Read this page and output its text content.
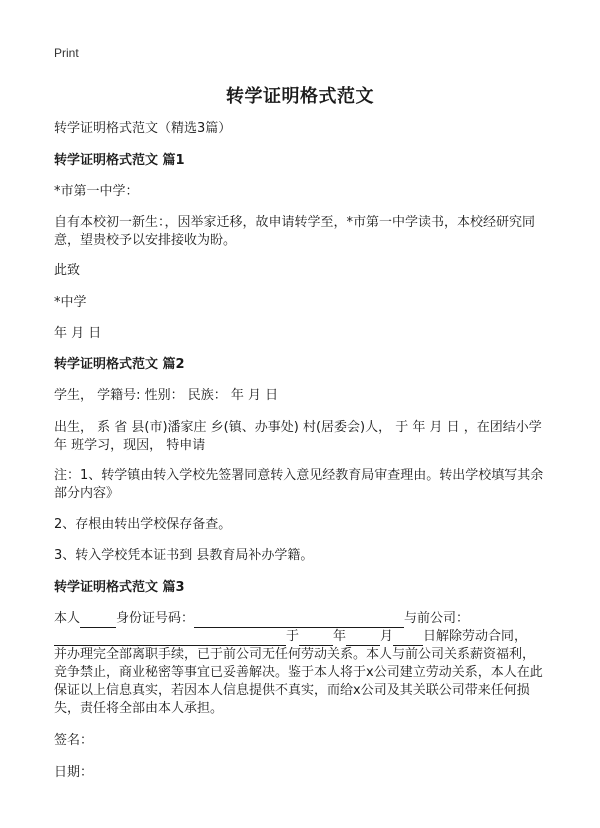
Print
转学证明格式范文
转学证明格式范文（精选3篇）
转学证明格式范文 篇1
*市第一中学：
自有本校初一新生：，因举家迁移，故申请转学至，*市第一中学读书，本校经研究同意，望贵校予以安排接收为盼。
此致
*中学
年 月 日
转学证明格式范文 篇2
学生， 学籍号: 性别： 民族： 年 月 日
出生， 系 省 县(市)潘家庄 乡(镇、办事处) 村(居委会)人， 于 年 月 日 ，在团结小学 年 班学习，现因， 特申请
注：1、转学镇由转入学校先签署同意转入意见经教育局审查理由。转出学校填写其余部分内容》
2、存根由转出学校保存备查。
3、转入学校凭本证书到 县教育局补办学籍。
转学证明格式范文 篇3
本人	身份证号码：	与前公司：
于	年	月 日解除劳动合同，
并办理完全部离职手续，已于前公司无任何劳动关系。本人与前公司关系薪资福利，竞争禁止，商业秘密等事宜已妥善解决。鉴于本人将于x公司建立劳动关系，本人在此保证以上信息真实，若因本人信息提供不真实，而给x公司及其关联公司带来任何损失，责任将全部由本人承担。
签名：
日期：
